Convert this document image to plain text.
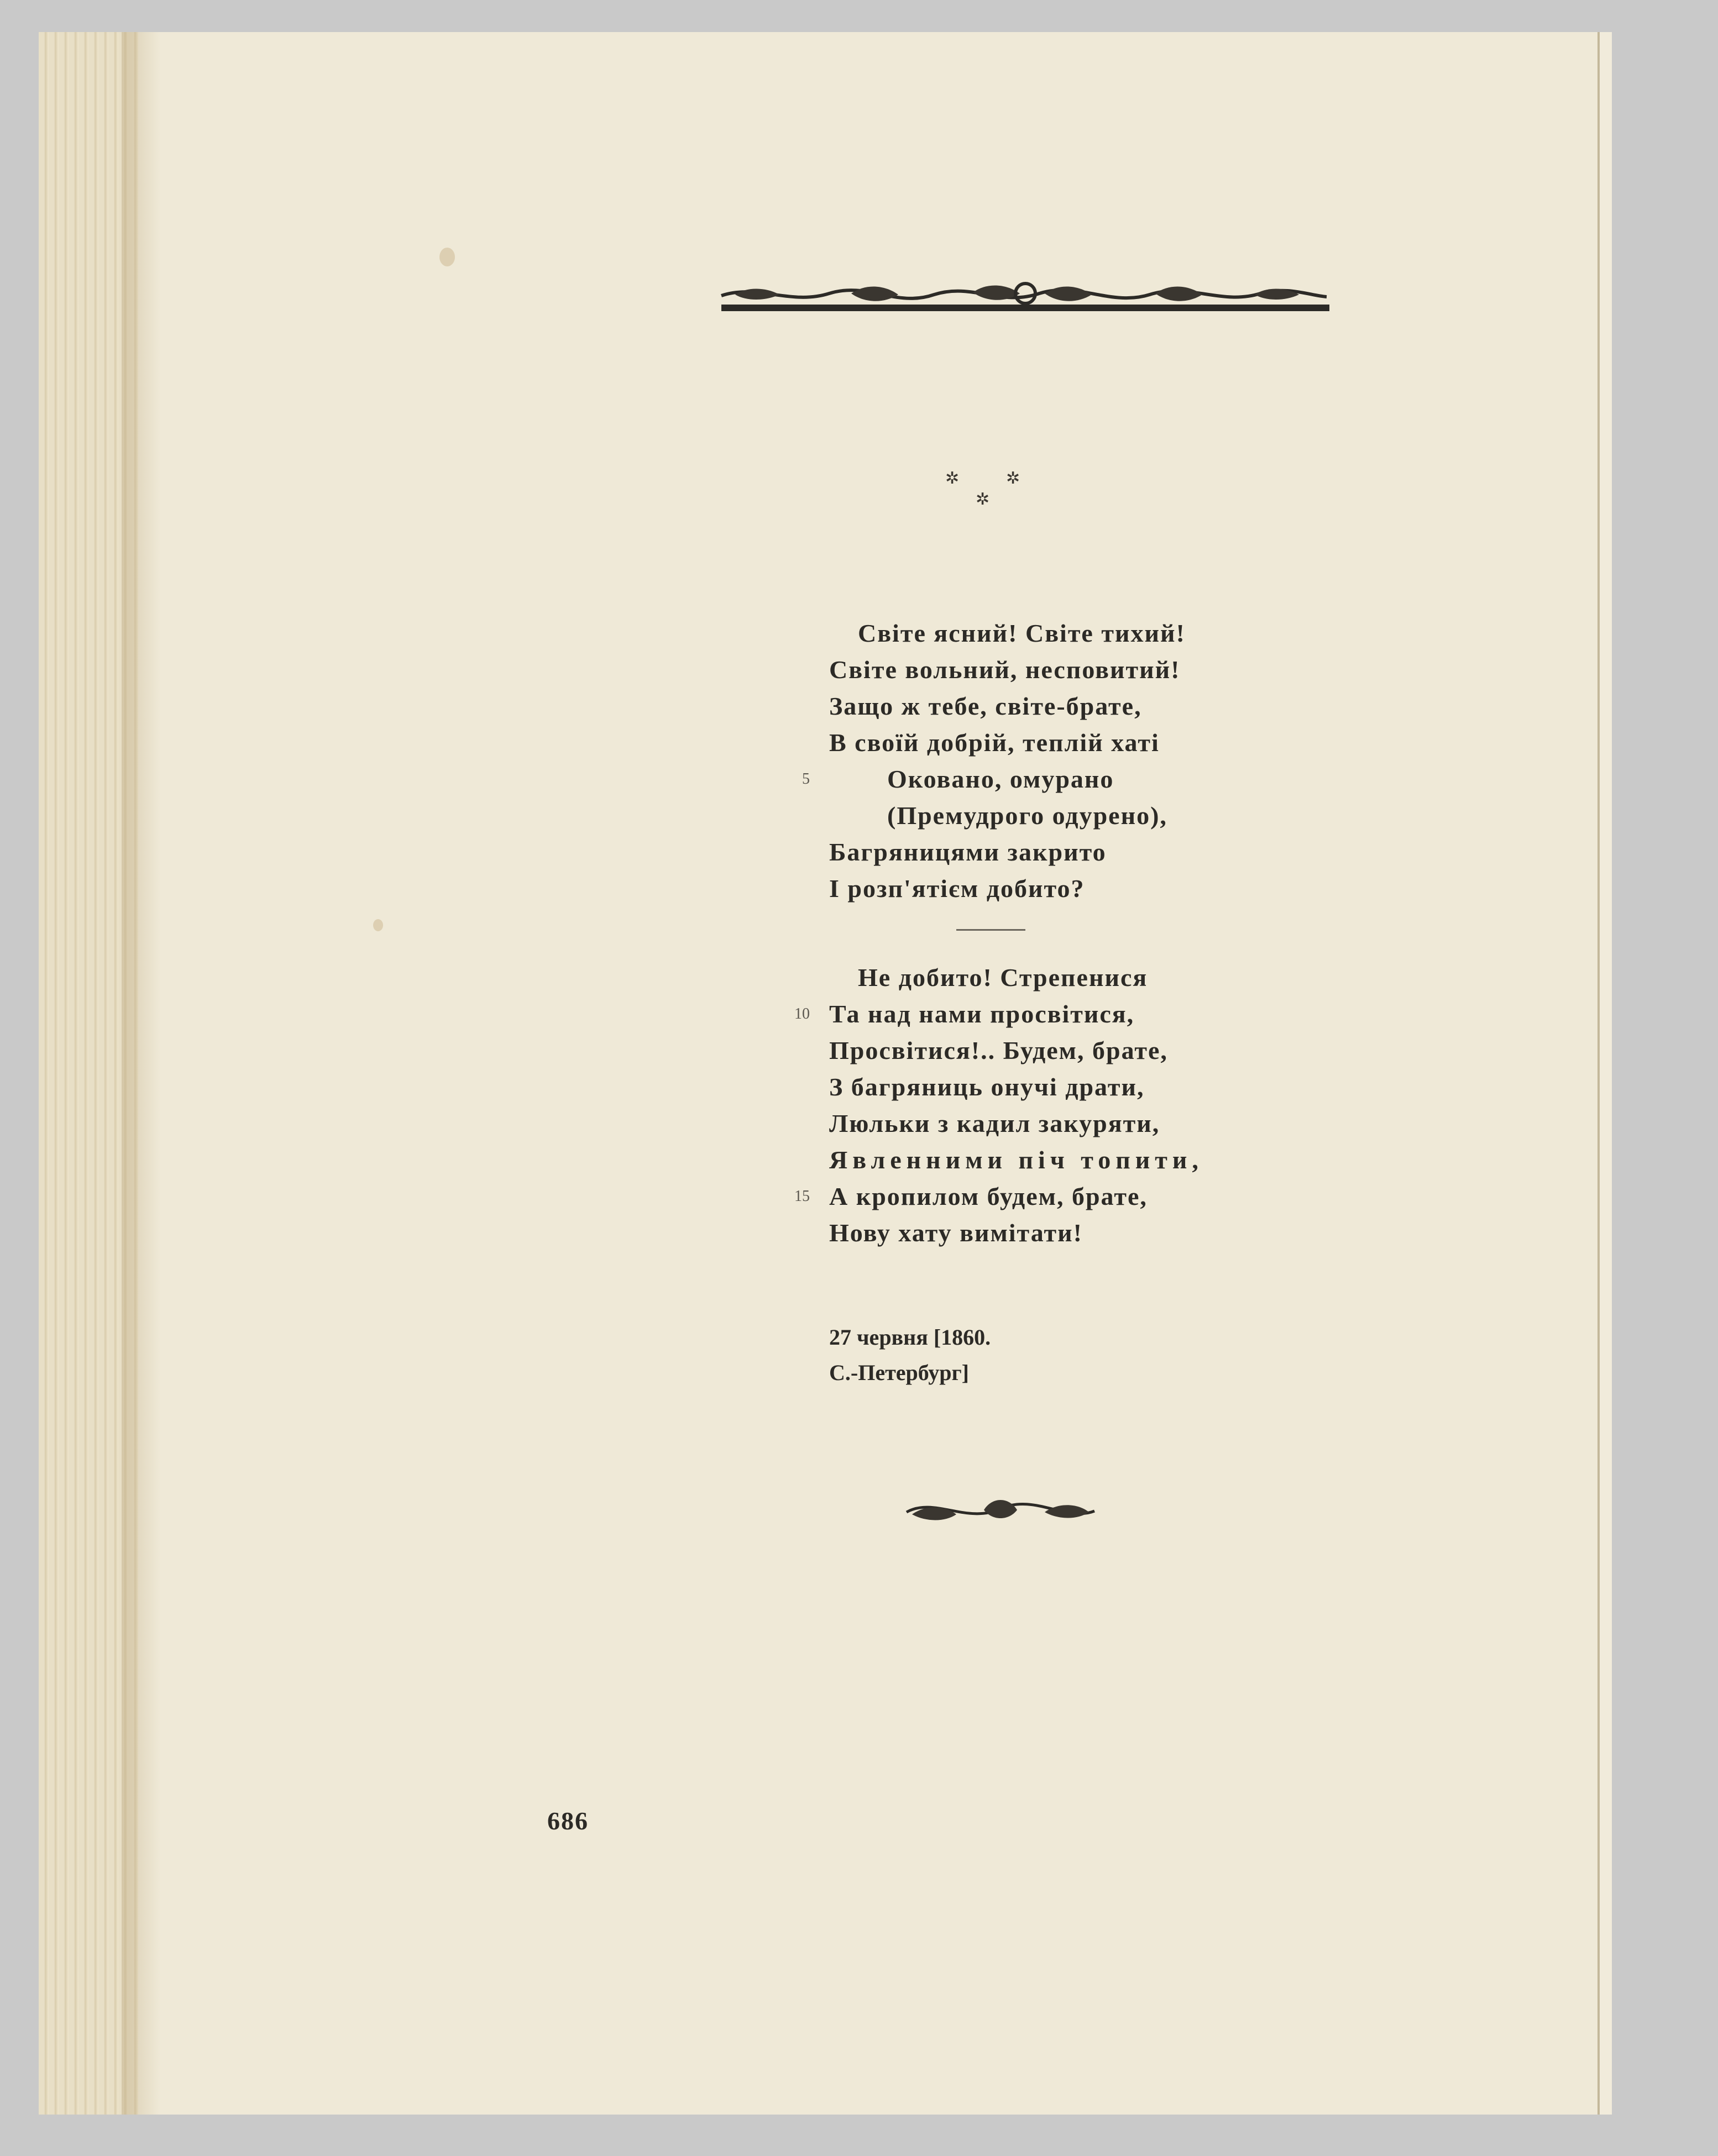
✲	✲
✲
Світе ясний! Світе тихий!
Світе вольний, несповитий!
Защо ж тебе, світе-брате,
В своїй добрій, теплій хаті
5	Оковано, омурано
(Премудрого одурено),
Багряницями закрито
І розп'ятієм добито?
Не добито! Стрепенися
10 Та над нами просвітися,
Просвітися!.. Будем, брате,
З багряниць онучі драти,
Люльки з кадил закуряти,
Явленними піч топити,
15 А кропилом будем, брате,
Нову хату вимітати!
27 червня [1860.
С.-Петербург]
686
